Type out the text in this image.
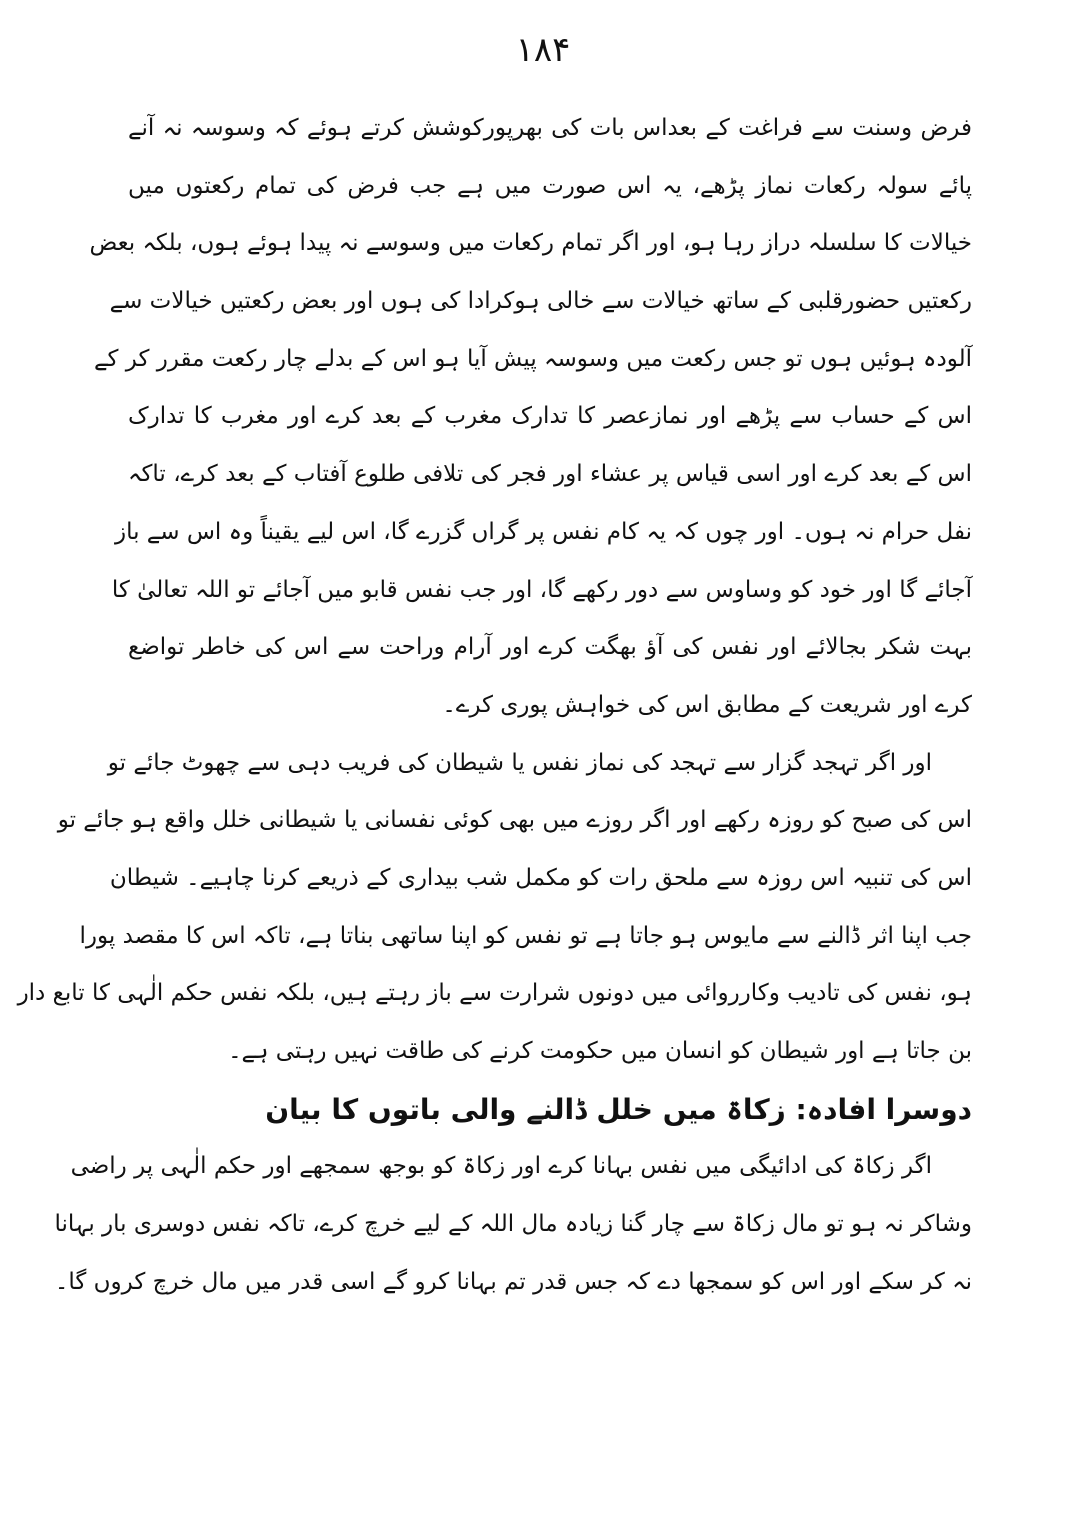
۱۸۴
فرض وسنت سے فراغت کے بعداس بات کی بھرپورکوشش کرتے ہوئے کہ وسوسہ نہ آنے
پائے سولہ رکعات نماز پڑھے، یہ اس صورت میں ہے جب فرض کی تمام رکعتوں میں
خیالات کا سلسلہ دراز رہا ہو، اور اگر تمام رکعات میں وسوسے نہ پیدا ہوئے ہوں، بلکہ بعض
رکعتیں حضورقلبی کے ساتھ خیالات سے خالی ہوکرادا کی ہوں اور بعض رکعتیں خیالات سے
آلودہ ہوئیں ہوں تو جس رکعت میں وسوسہ پیش آیا ہو اس کے بدلے چار رکعت مقرر کر کے
اس کے حساب سے پڑھے اور نمازعصر کا تدارک مغرب کے بعد کرے اور مغرب کا تدارک
اس کے بعد کرے اور اسی قیاس پر عشاء اور فجر کی تلافی طلوع آفتاب کے بعد کرے، تاکہ
نفل حرام نہ ہوں۔ اور چوں کہ یہ کام نفس پر گراں گزرے گا، اس لیے یقیناً وہ اس سے باز
آجائے گا اور خود کو وساوس سے دور رکھے گا، اور جب نفس قابو میں آجائے تو اللہ تعالیٰ کا
بہت شکر بجالائے اور نفس کی آؤ بھگت کرے اور آرام وراحت سے اس کی خاطر تواضع
کرے اور شریعت کے مطابق اس کی خواہش پوری کرے۔
اور اگر تہجد گزار سے تہجد کی نماز نفس یا شیطان کی فریب دہی سے چھوٹ جائے تو
اس کی صبح کو روزہ رکھے اور اگر روزے میں بھی کوئی نفسانی یا شیطانی خلل واقع ہو جائے تو
اس کی تنبیہ اس روزہ سے ملحق رات کو مکمل شب بیداری کے ذریعے کرنا چاہیے۔ شیطان
جب اپنا اثر ڈالنے سے مایوس ہو جاتا ہے تو نفس کو اپنا ساتھی بناتا ہے، تاکہ اس کا مقصد پورا
ہو، نفس کی تادیب وکارروائی میں دونوں شرارت سے باز رہتے ہیں، بلکہ نفس حکم الٰہی کا تابع دار
بن جاتا ہے اور شیطان کو انسان میں حکومت کرنے کی طاقت نہیں رہتی ہے۔
دوسرا افادہ: زکاۃ میں خلل ڈالنے والی باتوں کا بیان
اگر زکاۃ کی ادائیگی میں نفس بہانا کرے اور زکاۃ کو بوجھ سمجھے اور حکم الٰہی پر راضی
وشاکر نہ ہو تو مال زکاۃ سے چار گنا زیادہ مال اللہ کے لیے خرچ کرے، تاکہ نفس دوسری بار بہانا
نہ کر سکے اور اس کو سمجھا دے کہ جس قدر تم بہانا کرو گے اسی قدر میں مال خرچ کروں گا۔
